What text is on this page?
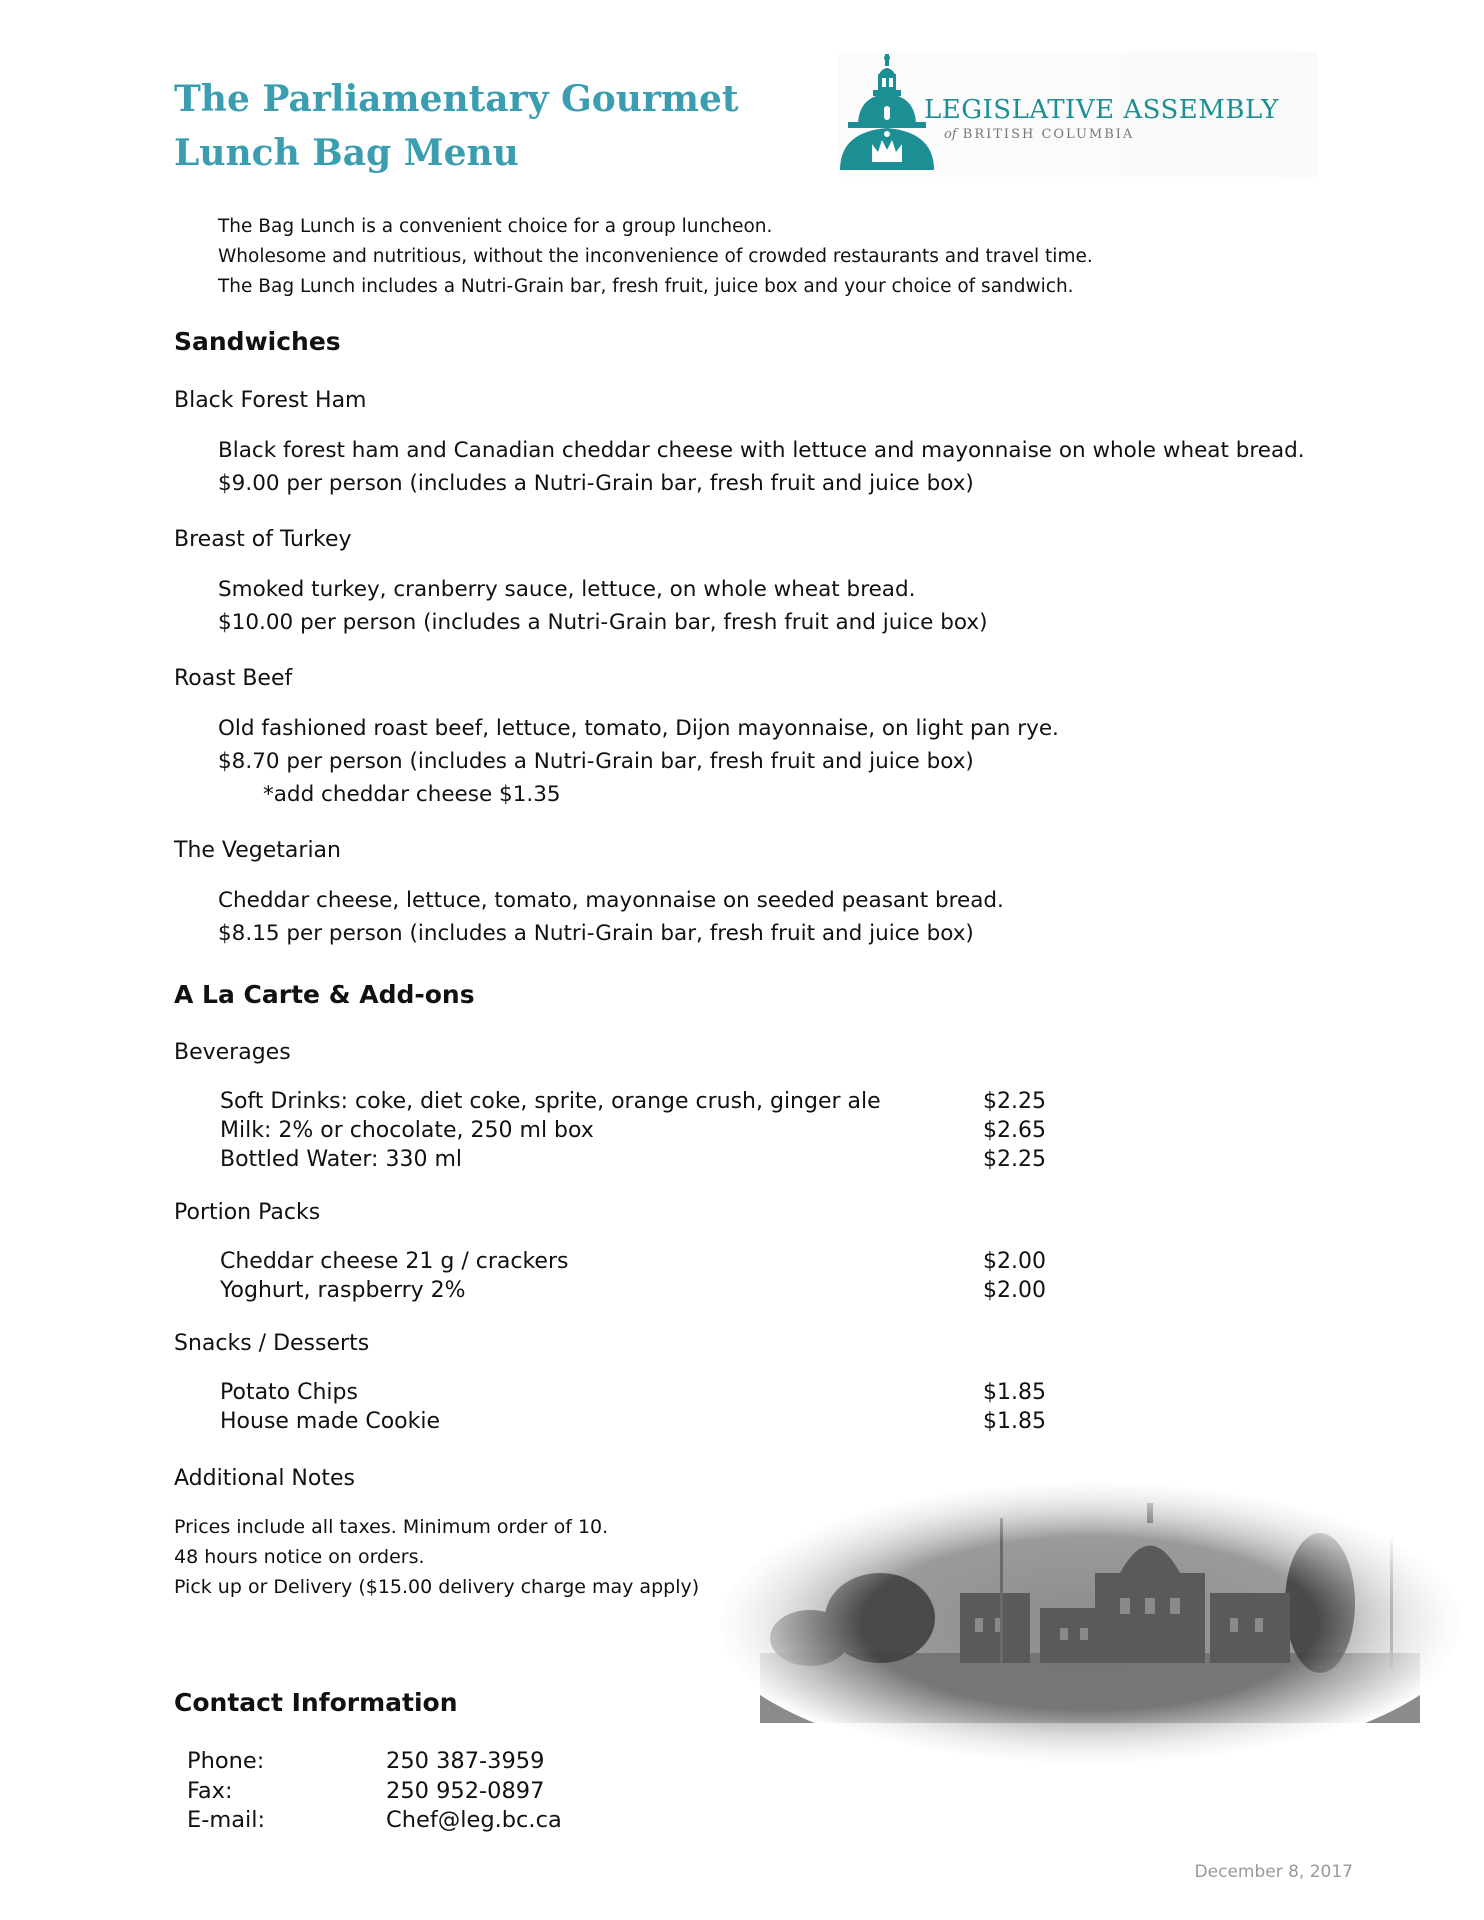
The Parliamentary Gourmet
Lunch Bag Menu
LEGISLATIVE ASSEMBLY
of BRITISH COLUMBIA
The Bag Lunch is a convenient choice for a group luncheon.
Wholesome and nutritious, without the inconvenience of crowded restaurants and travel time.
The Bag Lunch includes a Nutri-Grain bar, fresh fruit, juice box and your choice of sandwich.
Sandwiches
Black Forest Ham
Black forest ham and Canadian cheddar cheese with lettuce and mayonnaise on whole wheat bread.
$9.00 per person (includes a Nutri-Grain bar, fresh fruit and juice box)
Breast of Turkey
Smoked turkey, cranberry sauce, lettuce, on whole wheat bread.
$10.00 per person (includes a Nutri-Grain bar, fresh fruit and juice box)
Roast Beef
Old fashioned roast beef, lettuce, tomato, Dijon mayonnaise, on light pan rye.
$8.70 per person (includes a Nutri-Grain bar, fresh fruit and juice box)
*add cheddar cheese $1.35
The Vegetarian
Cheddar cheese, lettuce, tomato, mayonnaise on seeded peasant bread.
$8.15 per person (includes a Nutri-Grain bar, fresh fruit and juice box)
A La Carte & Add-ons
Beverages
Soft Drinks: coke, diet coke, sprite, orange crush, ginger ale	$2.25
Milk: 2% or chocolate, 250 ml box	$2.65
Bottled Water: 330 ml	$2.25
Portion Packs
Cheddar cheese 21 g / crackers	$2.00
Yoghurt, raspberry 2%	$2.00
Snacks / Desserts
Potato Chips	$1.85
House made Cookie	$1.85
Additional Notes
Prices include all taxes. Minimum order of 10.
48 hours notice on orders.
Pick up or Delivery ($15.00 delivery charge may apply)
Contact Information
Phone:	250 387-3959
Fax:	250 952-0897
E-mail:	Chef@leg.bc.ca
December 8, 2017
